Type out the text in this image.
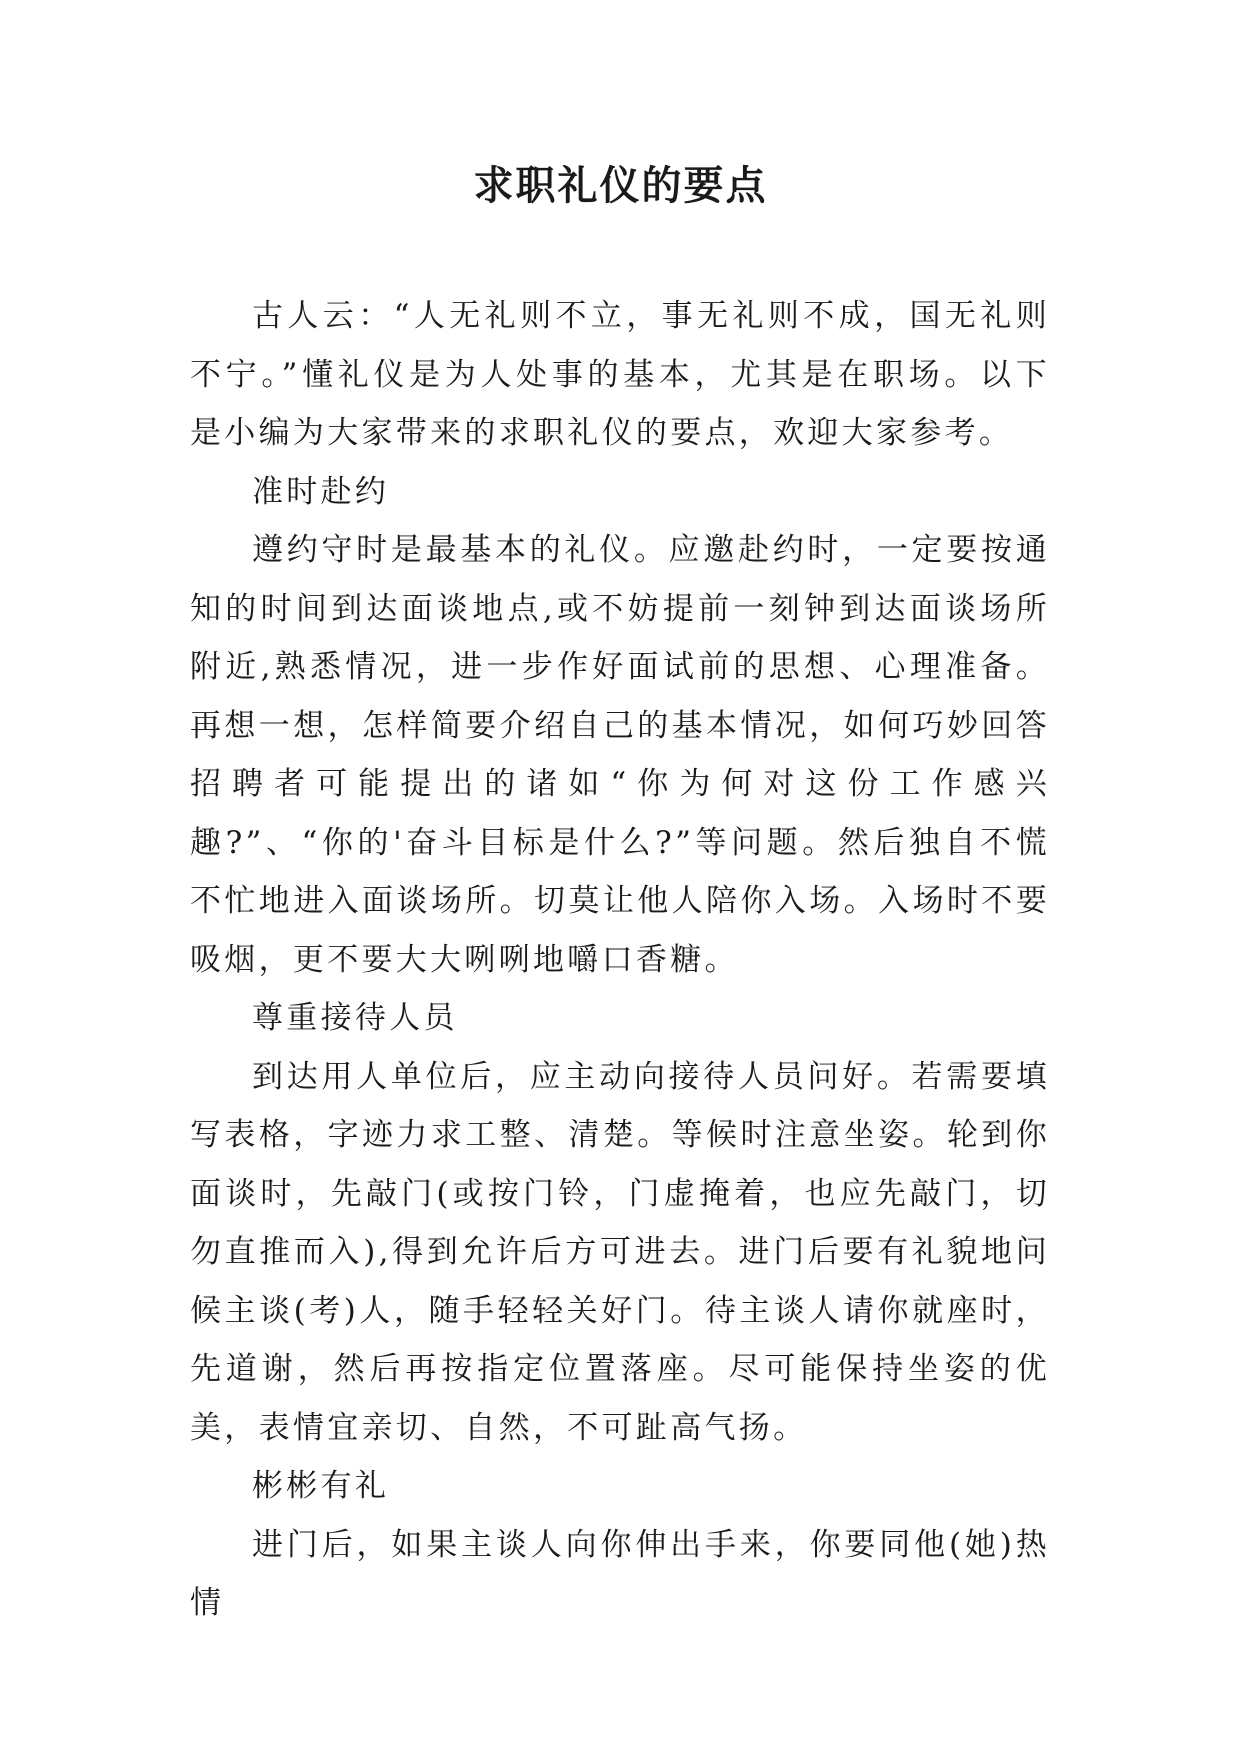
求职礼仪的要点

古人云：“人无礼则不立，事无礼则不成，国无礼则不宁。”懂礼仪是为人处事的基本，尤其是在职场。以下是小编为大家带来的求职礼仪的要点，欢迎大家参考。

准时赴约

遵约守时是最基本的礼仪。应邀赴约时，一定要按通知的时间到达面谈地点,或不妨提前一刻钟到达面谈场所附近,熟悉情况，进一步作好面试前的思想、心理准备。再想一想，怎样简要介绍自己的基本情况，如何巧妙回答招聘者可能提出的诸如“你为何对这份工作感兴趣?”、“你的'奋斗目标是什么?”等问题。然后独自不慌不忙地进入面谈场所。切莫让他人陪你入场。入场时不要吸烟，更不要大大咧咧地嚼口香糖。

尊重接待人员

到达用人单位后，应主动向接待人员问好。若需要填写表格，字迹力求工整、清楚。等候时注意坐姿。轮到你面谈时，先敲门(或按门铃，门虚掩着，也应先敲门，切勿直推而入),得到允许后方可进去。进门后要有礼貌地问候主谈(考)人，随手轻轻关好门。待主谈人请你就座时，先道谢，然后再按指定位置落座。尽可能保持坐姿的优美，表情宜亲切、自然，不可趾高气扬。

彬彬有礼

进门后，如果主谈人向你伸出手来，你要同他(她)热情
